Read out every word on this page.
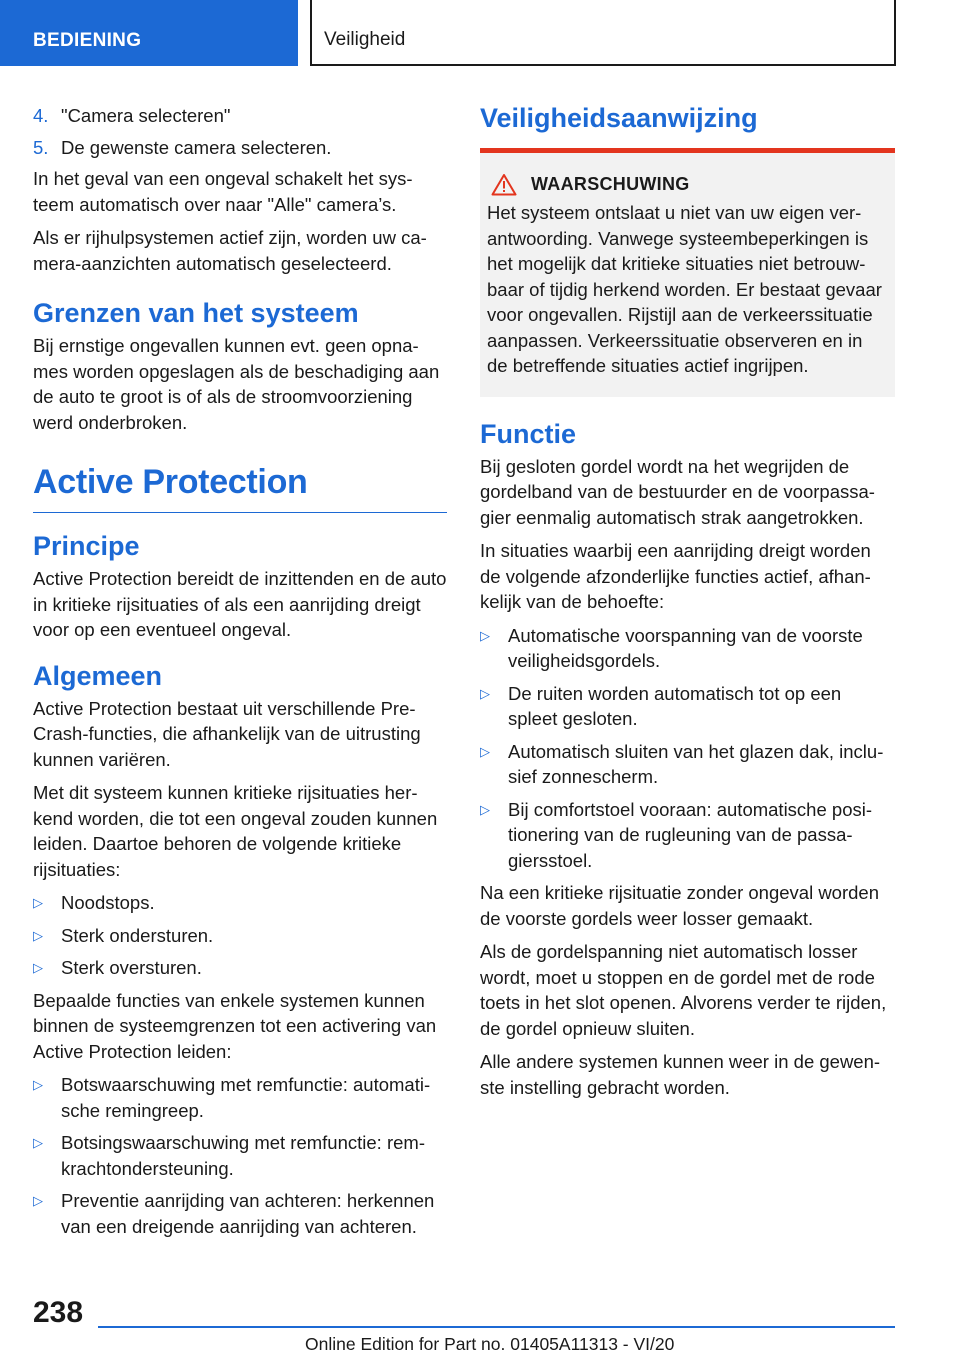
BEDIENING	Veiligheid
4. "Camera selecteren"
5. De gewenste camera selecteren.

In het geval van een ongeval schakelt het systeem automatisch over naar "Alle" camera’s.

Als er rijhulpsystemen actief zijn, worden uw camera-aanzichten automatisch geselecteerd.

Grenzen van het systeem

Bij ernstige ongevallen kunnen evt. geen opnames worden opgeslagen als de beschadiging aan de auto te groot is of als de stroomvoorziening werd onderbroken.

Active Protection
Principe

Active Protection bereidt de inzittenden en de auto in kritieke rijsituaties of als een aanrijding dreigt voor op een eventueel ongeval.

Algemeen

Active Protection bestaat uit verschillende Pre-Crash-functies, die afhankelijk van de uitrusting kunnen variëren.

Met dit systeem kunnen kritieke rijsituaties herkend worden, die tot een ongeval zouden kunnen leiden. Daartoe behoren de volgende kritieke rijsituaties:

▷ Noodstops.
▷ Sterk ondersturen.
▷ Sterk oversturen.

Bepaalde functies van enkele systemen kunnen binnen de systeemgrenzen tot een activering van Active Protection leiden:

▷ Botswaarschuwing met remfunctie: automatische remingreep.
▷ Botsingswaarschuwing met remfunctie: remkrachtondersteuning.
▷ Preventie aanrijding van achteren: herkennen van een dreigende aanrijding van achteren.
Veiligheidsaanwijzing
WAARSCHUWING

Het systeem ontslaat u niet van uw eigen verantwoording. Vanwege systeembeperkingen is het mogelijk dat kritieke situaties niet betrouwbaar of tijdig herkend worden. Er bestaat gevaar voor ongevallen. Rijstijl aan de verkeerssituatie aanpassen. Verkeerssituatie observeren en in de betreffende situaties actief ingrijpen.

Functie

Bij gesloten gordel wordt na het wegrijden de gordelband van de bestuurder en de voorpassagier eenmalig automatisch strak aangetrokken.

In situaties waarbij een aanrijding dreigt worden de volgende afzonderlijke functies actief, afhankelijk van de behoefte:

▷ Automatische voorspanning van de voorste veiligheidsgordels.
▷ De ruiten worden automatisch tot op een spleet gesloten.
▷ Automatisch sluiten van het glazen dak, inclusief zonnescherm.
▷ Bij comfortstoel vooraan: automatische positionering van de rugleuning van de passagiersstoel.

Na een kritieke rijsituatie zonder ongeval worden de voorste gordels weer losser gemaakt.

Als de gordelspanning niet automatisch losser wordt, moet u stoppen en de gordel met de rode toets in het slot openen. Alvorens verder te rijden, de gordel opnieuw sluiten.

Alle andere systemen kunnen weer in de gewenste instelling gebracht worden.

238
Online Edition for Part no. 01405A11313 - VI/20
